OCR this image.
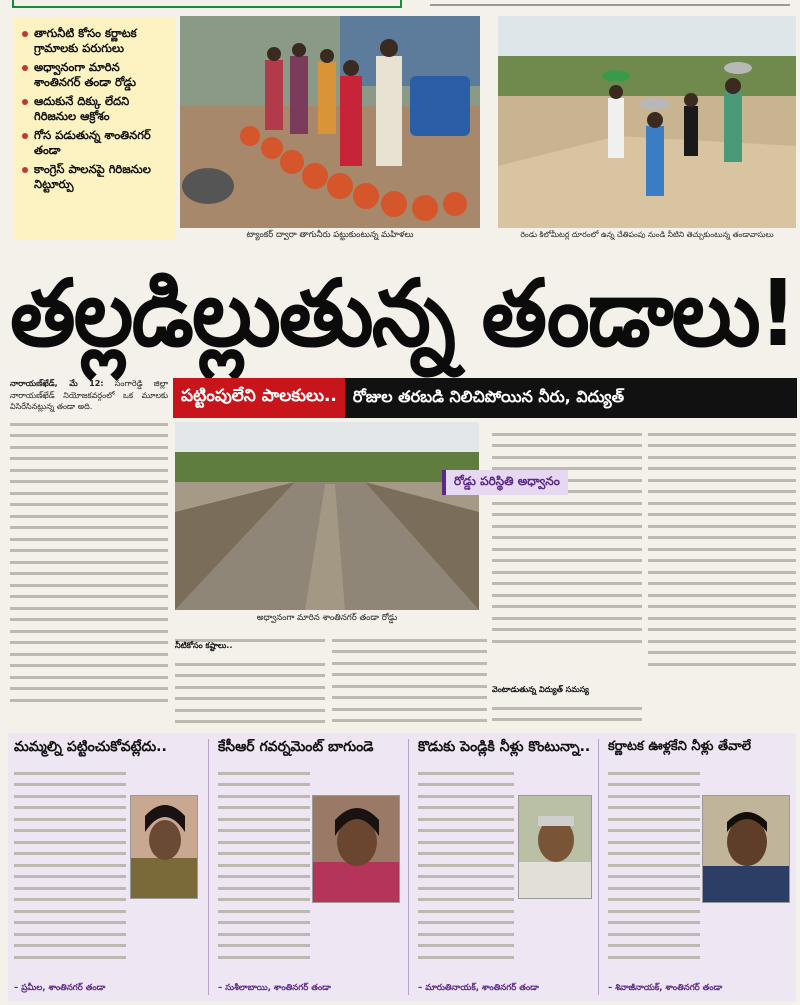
తాగునీటి కోసం కర్ణాటక గ్రామాలకు పరుగులు
అధ్వానంగా మారిన శాంతినగర్ తండా రోడ్డు
ఆదుకునే దిక్కు లేదని గిరిజనుల ఆక్రోశం
గోస పడుతున్న శాంతినగర్ తండా
కాంగ్రెస్ పాలనపై గిరిజనుల నిట్టూర్పు
ట్యాంకర్ ద్వారా తాగునీరు పట్టుకుంటున్న మహిళలు	రెండు కిలోమీటర్ల దూరంలో ఉన్న చేతిపంపు నుండి నీటిని తెచ్చుకుంటున్న తండావాసులు
తల్లడిల్లుతున్న తండాలు!
పట్టింపులేని పాలకులు..	రోజుల తరబడి నిలిచిపోయిన నీరు, విద్యుత్
నారాయణ్‌ఖేడ్, మే 12: సంగారెడ్డి జిల్లా నారాయణ్‌ఖేడ్ నియోజకవర్గంలో ఒక మూలకు విసిరేసినట్లున్న తండా అది.
అధ్వానంగా మారిన శాంతినగర్ తండా రోడ్డు
నీటికోసం కష్టాలు..
వెంటాడుతున్న విద్యుత్ సమస్య
రోడ్డు పరిస్థితి అధ్వానం
మమ్మల్ని పట్టించుకోవట్లేదు..
– ప్రమీల, శాంతినగర్ తండా
కేసీఆర్ గవర్నమెంట్ బాగుండె
– సుశీలాబాయి, శాంతినగర్ తండా
కొడుకు పెండ్లికి నీళ్లు కొంటున్నా..
– మారుతినాయక్, శాంతినగర్ తండా
కర్ణాటక ఊళ్లకేని నీళ్లు తేవాలే
– శివాజీనాయక్, శాంతినగర్ తండా
